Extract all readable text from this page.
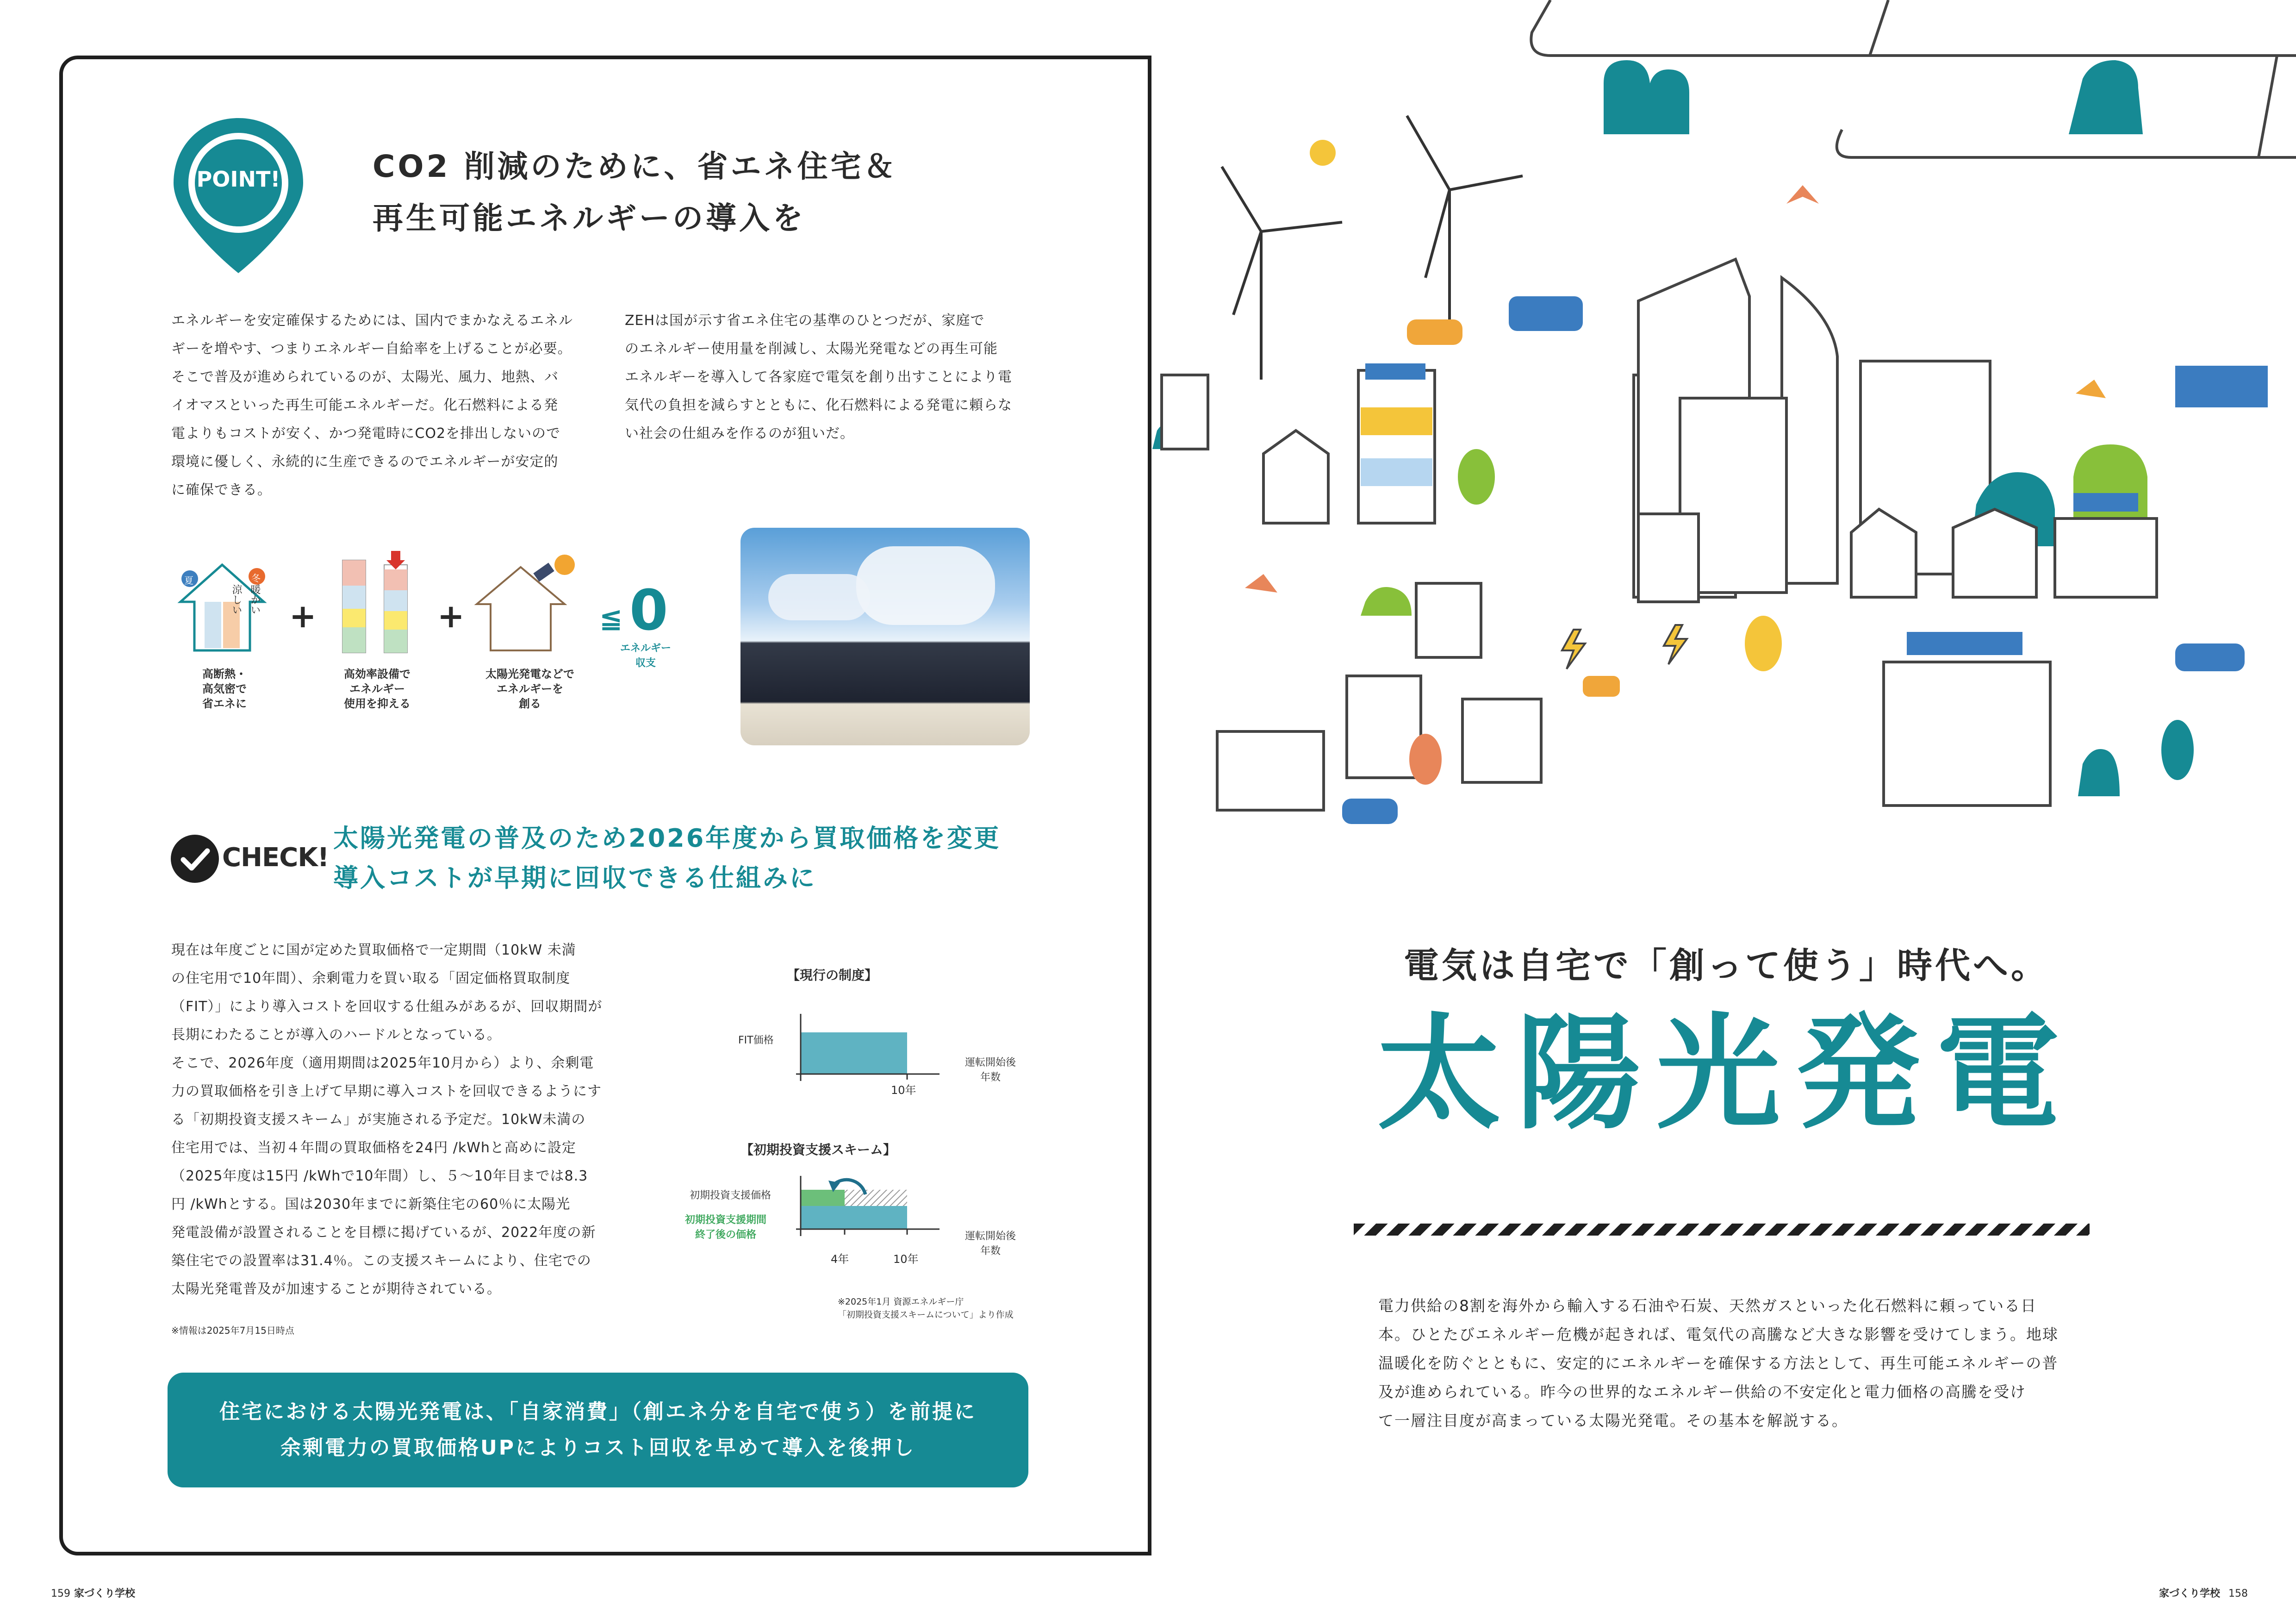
POINT!	CO2 削減のために、省エネ住宅＆
再生可能エネルギーの導入を
エネルギーを安定確保するためには、国内でまかなえるエネル
ギーを増やす、つまりエネルギー自給率を上げることが必要。
そこで普及が進められているのが、太陽光、風力、地熱、バ
イオマスといった再生可能エネルギーだ。化石燃料による発
電よりもコストが安く、かつ発電時にCO2を排出しないので
環境に優しく、永続的に生産できるのでエネルギーが安定的
に確保できる。
ZEHは国が示す省エネ住宅の基準のひとつだが、家庭で
のエネルギー使用量を削減し、太陽光発電などの再生可能
エネルギーを導入して各家庭で電気を創り出すことにより電
気代の負担を減らすとともに、化石燃料による発電に頼らな
い社会の仕組みを作るのが狙いだ。
+	+	≦ 0
エネルギー
収支
涼しい 暖かい
夏	冬
高断熱・
高気密で
省エネに
高効率設備で
エネルギー
使用を抑える
太陽光発電などで
エネルギーを
創る
CHECK!
太陽光発電の普及のため2026年度から買取価格を変更
導入コストが早期に回収できる仕組みに
現在は年度ごとに国が定めた買取価格で一定期間（10kW 未満
の住宅用で10年間）、余剰電力を買い取る「固定価格買取制度
（FIT）」により導入コストを回収する仕組みがあるが、回収期間が
長期にわたることが導入のハードルとなっている。
そこで、2026年度（適用期間は2025年10月から）より、余剰電
力の買取価格を引き上げて早期に導入コストを回収できるようにす
る「初期投資支援スキーム」が実施される予定だ。10kW未満の
住宅用では、当初４年間の買取価格を24円 /kWhと高めに設定
（2025年度は15円 /kWhで10年間）し、５〜10年目までは8.3
円 /kWhとする。国は2030年までに新築住宅の60％に太陽光
発電設備が設置されることを目標に掲げているが、2022年度の新
築住宅での設置率は31.4％。この支援スキームにより、住宅での
太陽光発電普及が加速することが期待されている。
※情報は2025年7月15日時点
【現行の制度】
FIT価格
10年
運転開始後
年数
【初期投資支援スキーム】
初期投資支援価格
初期投資支援期間
終了後の価格
4年	10年
運転開始後
年数
※2025年1月 資源エネルギー庁
「初期投資支援スキームについて」より作成
住宅における太陽光発電は、「自家消費」（創エネ分を自宅で使う）を前提に
余剰電力の買取価格UPによりコスト回収を早めて導入を後押し
159 家づくり学校	家づくり学校 158
電気は自宅で「創って使う」時代へ。
太陽光発電
電力供給の8割を海外から輸入する石油や石炭、天然ガスといった化石燃料に頼っている日
本。ひとたびエネルギー危機が起きれば、電気代の高騰など大きな影響を受けてしまう。地球
温暖化を防ぐとともに、安定的にエネルギーを確保する方法として、再生可能エネルギーの普
及が進められている。昨今の世界的なエネルギー供給の不安定化と電力価格の高騰を受け
て一層注目度が高まっている太陽光発電。その基本を解説する。
